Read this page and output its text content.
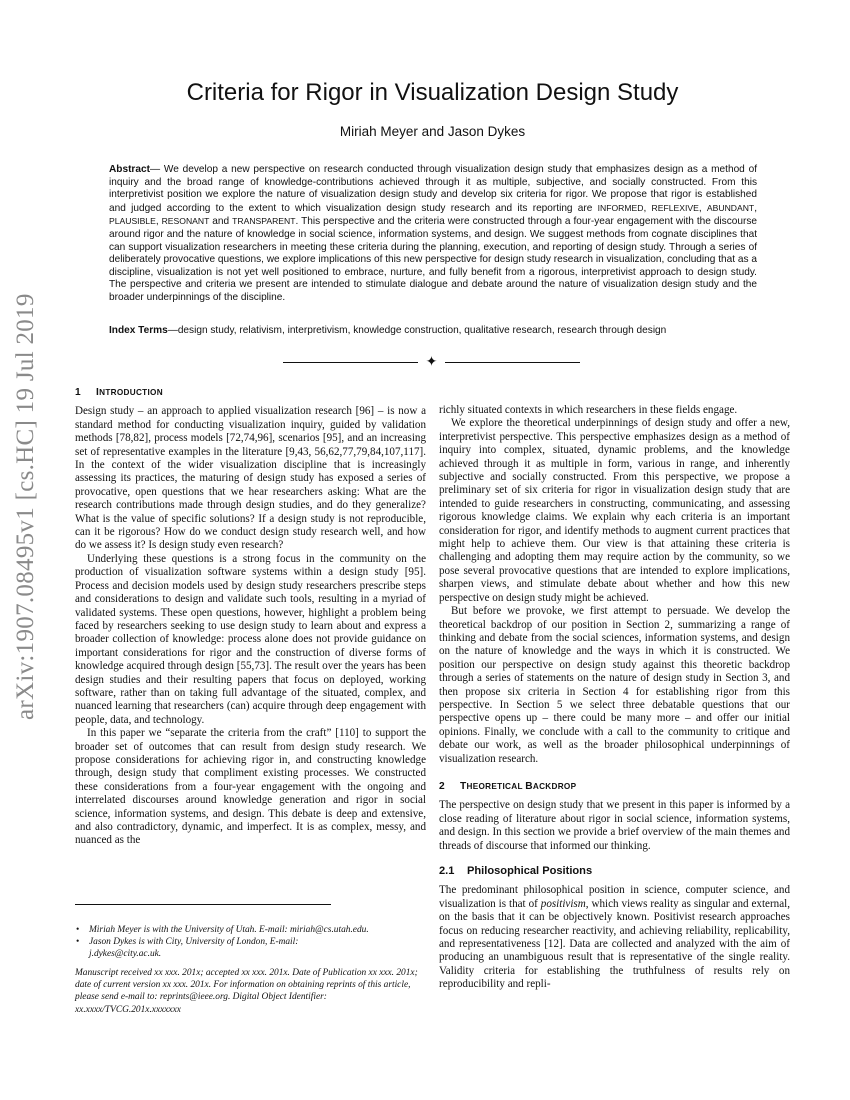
arXiv:1907.08495v1 [cs.HC] 19 Jul 2019
Criteria for Rigor in Visualization Design Study
Miriah Meyer and Jason Dykes
Abstract— We develop a new perspective on research conducted through visualization design study that emphasizes design as a method of inquiry and the broad range of knowledge-contributions achieved through it as multiple, subjective, and socially constructed. From this interpretivist position we explore the nature of visualization design study and develop six criteria for rigor. We propose that rigor is established and judged according to the extent to which visualization design study research and its reporting are INFORMED, REFLEXIVE, ABUNDANT, PLAUSIBLE, RESONANT and TRANSPARENT. This perspective and the criteria were constructed through a four-year engagement with the discourse around rigor and the nature of knowledge in social science, information systems, and design. We suggest methods from cognate disciplines that can support visualization researchers in meeting these criteria during the planning, execution, and reporting of design study. Through a series of deliberately provocative questions, we explore implications of this new perspective for design study research in visualization, concluding that as a discipline, visualization is not yet well positioned to embrace, nurture, and fully benefit from a rigorous, interpretivist approach to design study. The perspective and criteria we present are intended to stimulate dialogue and debate around the nature of visualization design study and the broader underpinnings of the discipline.
Index Terms—design study, relativism, interpretivism, knowledge construction, qualitative research, research through design
✦
1 INTRODUCTION

Design study – an approach to applied visualization research [96] – is now a standard method for conducting visualization inquiry, guided by validation methods [78,82], process models [72,74,96], scenarios [95], and an increasing set of representative examples in the literature [9,43, 56,62,77,79,84,107,117]. In the context of the wider visualization discipline that is increasingly assessing its practices, the maturing of design study has exposed a series of provocative, open questions that we hear researchers asking: What are the research contributions made through design studies, and do they generalize? What is the value of specific solutions? If a design study is not reproducible, can it be rigorous? How do we conduct design study research well, and how do we assess it? Is design study even research?

Underlying these questions is a strong focus in the community on the production of visualization software systems within a design study [95]. Process and decision models used by design study researchers prescribe steps and considerations to design and validate such tools, resulting in a myriad of validated systems. These open questions, however, highlight a problem being faced by researchers seeking to use design study to learn about and express a broader collection of knowledge: process alone does not provide guidance on important considerations for rigor and the construction of diverse forms of knowledge acquired through design [55,73]. The result over the years has been design studies and their resulting papers that focus on deployed, working software, rather than on taking full advantage of the situated, complex, and nuanced learning that researchers (can) acquire through deep engagement with people, data, and technology.

In this paper we “separate the criteria from the craft” [110] to support the broader set of outcomes that can result from design study research. We propose considerations for achieving rigor in, and constructing knowledge through, design study that compliment existing processes. We constructed these considerations from a four-year engagement with the ongoing and interrelated discourses around knowledge generation and rigor in social science, information systems, and design. This debate is deep and extensive, and also contradictory, dynamic, and imperfect. It is as complex, messy, and nuanced as the

richly situated contexts in which researchers in these fields engage.

We explore the theoretical underpinnings of design study and offer a new, interpretivist perspective. This perspective emphasizes design as a method of inquiry into complex, situated, dynamic problems, and the knowledge achieved through it as multiple in form, various in range, and inherently subjective and socially constructed. From this perspective, we propose a preliminary set of six criteria for rigor in visualization design study that are intended to guide researchers in constructing, communicating, and assessing rigorous knowledge claims. We explain why each criteria is an important consideration for rigor, and identify methods to augment current practices that might help to achieve them. Our view is that attaining these criteria is challenging and adopting them may require action by the community, so we pose several provocative questions that are intended to explore implications, sharpen views, and stimulate debate about whether and how this new perspective on design study might be achieved.

But before we provoke, we first attempt to persuade. We develop the theoretical backdrop of our position in Section 2, summarizing a range of thinking and debate from the social sciences, information systems, and design on the nature of knowledge and the ways in which it is constructed. We position our perspective on design study against this theoretic backdrop through a series of statements on the nature of design study in Section 3, and then propose six criteria in Section 4 for establishing rigor from this perspective. In Section 5 we select three debatable questions that our perspective opens up – there could be many more – and offer our initial opinions. Finally, we conclude with a call to the community to critique and debate our work, as well as the broader philosophical underpinnings of visualization research.

2 THEORETICAL BACKDROP

The perspective on design study that we present in this paper is informed by a close reading of literature about rigor in social science, information systems, and design. In this section we provide a brief overview of the main themes and threads of discourse that informed our thinking.

2.1 Philosophical Positions

The predominant philosophical position in science, computer science, and visualization is that of positivism, which views reality as singular and external, on the basis that it can be objectively known. Positivist research approaches focus on reducing researcher reactivity, and achieving reliability, replicability, and representativeness [12]. Data are collected and analyzed with the aim of producing an unambiguous result that is representative of the single reality. Validity criteria for establishing the truthfulness of results rely on reproducibility and repli-

• Miriah Meyer is with the University of Utah. E-mail: miriah@cs.utah.edu.
• Jason Dykes is with City, University of London, E-mail:
j.dykes@city.ac.uk.
Manuscript received xx xxx. 201x; accepted xx xxx. 201x. Date of Publication xx xxx. 201x; date of current version xx xxx. 201x. For information on obtaining reprints of this article, please send e-mail to: reprints@ieee.org. Digital Object Identifier: xx.xxxx/TVCG.201x.xxxxxxx
